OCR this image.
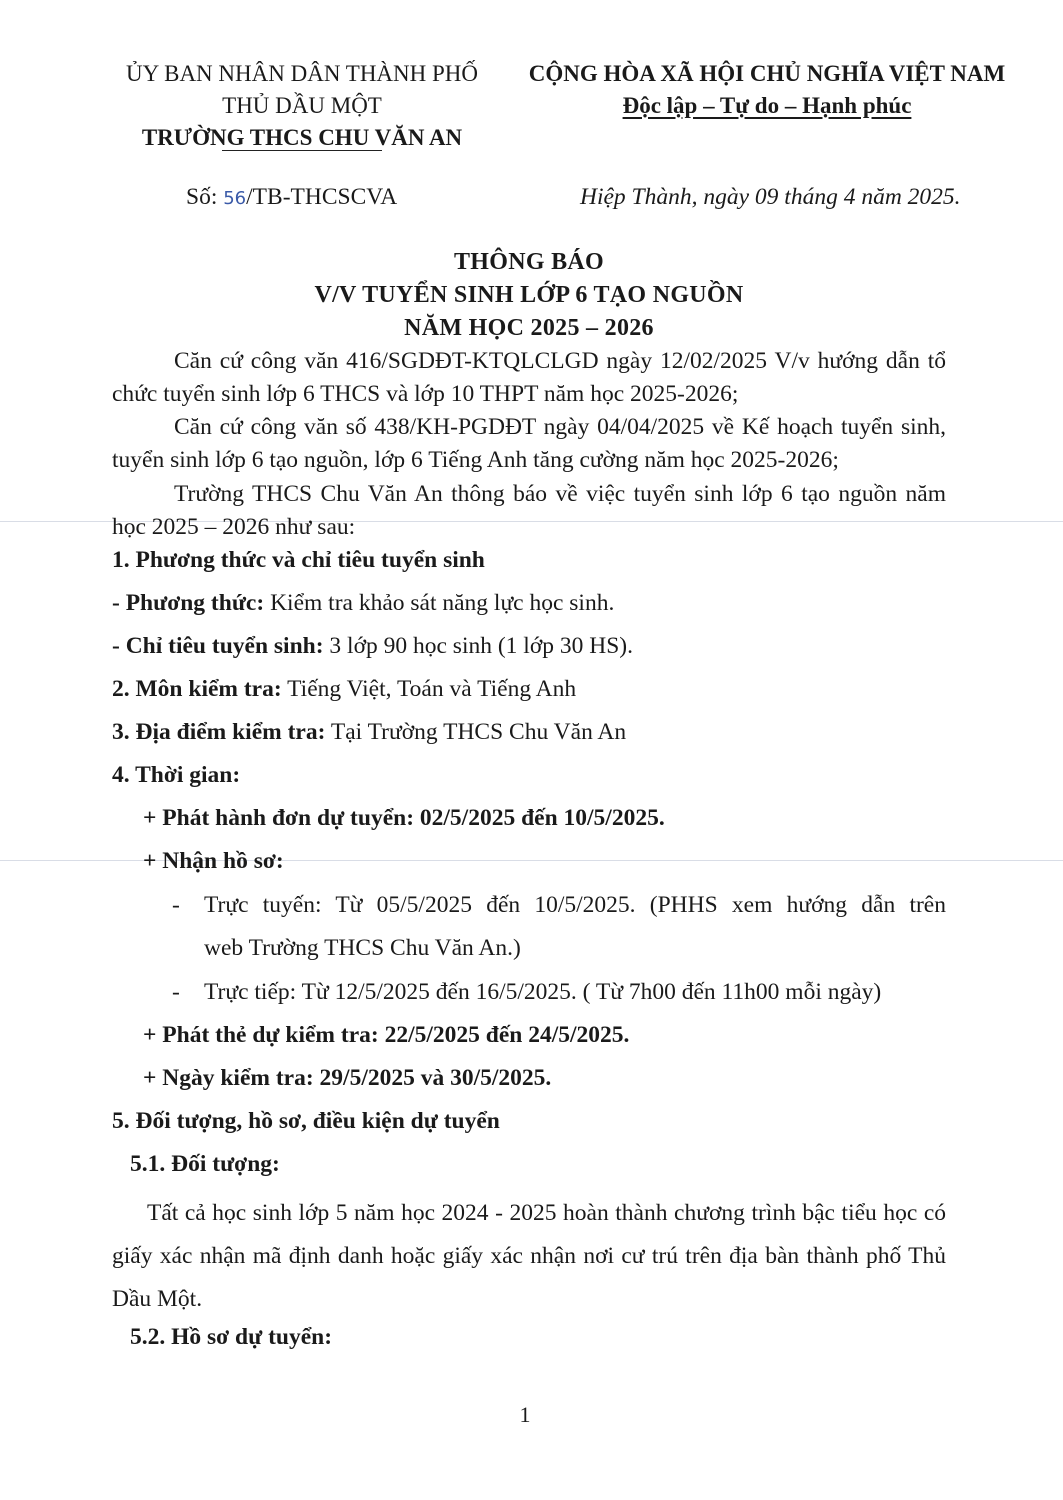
ỦY BAN NHÂN DÂN THÀNH PHỐ
THỦ DẦU MỘT
TRƯỜNG THCS CHU VĂN AN
CỘNG HÒA XÃ HỘI CHỦ NGHĨA VIỆT NAM
Độc lập – Tự do – Hạnh phúc
Số: 56/TB-THCSCVA	Hiệp Thành, ngày 09 tháng 4 năm 2025.
THÔNG BÁO
V/V TUYỂN SINH LỚP 6 TẠO NGUỒN
NĂM HỌC 2025 – 2026
Căn cứ công văn 416/SGDĐT-KTQLCLGD ngày 12/02/2025 V/v hướng dẫn tổ chức tuyển sinh lớp 6 THCS và lớp 10 THPT năm học 2025-2026;
Căn cứ công văn số 438/KH-PGDĐT ngày 04/04/2025 về Kế hoạch tuyển sinh, tuyển sinh lớp 6 tạo nguồn, lớp 6 Tiếng Anh tăng cường năm học 2025-2026;
Trường THCS Chu Văn An thông báo về việc tuyển sinh lớp 6 tạo nguồn năm học 2025 – 2026 như sau:
1. Phương thức và chỉ tiêu tuyển sinh
- Phương thức: Kiểm tra khảo sát năng lực học sinh.
- Chỉ tiêu tuyển sinh: 3 lớp 90 học sinh (1 lớp 30 HS).
2. Môn kiểm tra: Tiếng Việt, Toán và Tiếng Anh
3. Địa điểm kiểm tra: Tại Trường THCS Chu Văn An
4. Thời gian:
+ Phát hành đơn dự tuyển: 02/5/2025 đến 10/5/2025.
+ Nhận hồ sơ:
- Trực tuyến: Từ 05/5/2025 đến 10/5/2025. (PHHS xem hướng dẫn trên
web Trường THCS Chu Văn An.)
- Trực tiếp: Từ 12/5/2025 đến 16/5/2025. ( Từ 7h00 đến 11h00 mỗi ngày)
+ Phát thẻ dự kiểm tra: 22/5/2025 đến 24/5/2025.
+ Ngày kiểm tra: 29/5/2025 và 30/5/2025.
5. Đối tượng, hồ sơ, điều kiện dự tuyển
5.1. Đối tượng:
Tất cả học sinh lớp 5 năm học 2024 - 2025 hoàn thành chương trình bậc tiểu học có giấy xác nhận mã định danh hoặc giấy xác nhận nơi cư trú trên địa bàn thành phố Thủ Dầu Một.
5.2. Hồ sơ dự tuyển:
1
